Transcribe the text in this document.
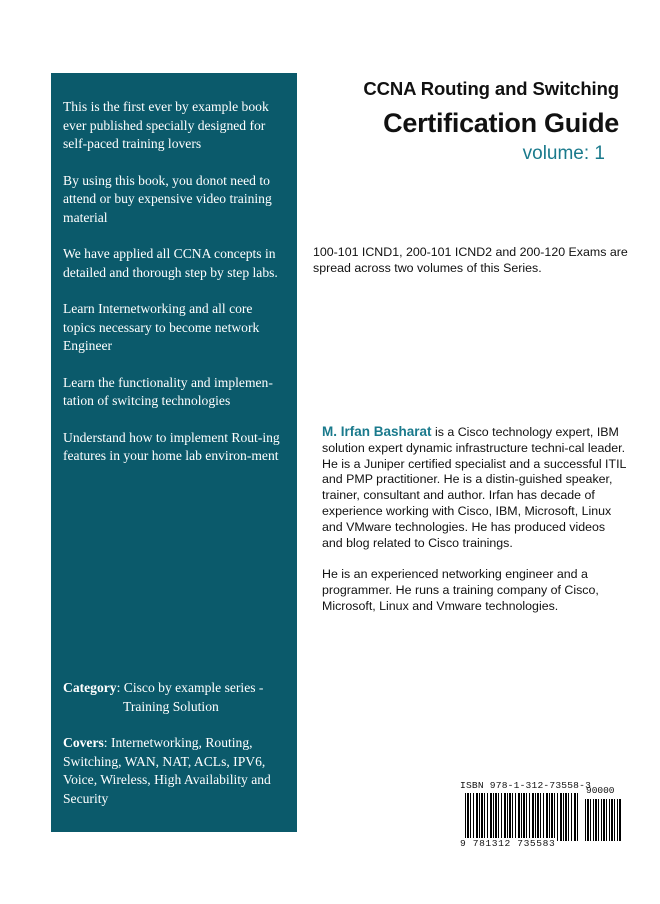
This is the first ever by example book ever published specially designed for self-paced training lovers

By using this book, you donot need to attend or buy expensive video training material

We have applied all CCNA concepts in detailed and thorough step by step labs.

Learn Internetworking and all core topics necessary to become network Engineer

Learn the functionality and implemen-tation of switcing technologies

Understand how to implement Rout-ing features in your home lab environ-ment

Category: Cisco by example series -
Training Solution

Covers: Internetworking, Routing, Switching, WAN, NAT, ACLs, IPV6, Voice, Wireless, High Availability and Security

CCNA Routing and Switching
Certification Guide
volume: 1
100-101 ICND1, 200-101 ICND2 and 200-120 Exams are spread across two volumes of this Series.

M. Irfan Basharat is a Cisco technology expert, IBM solution expert dynamic infrastructure techni-cal leader. He is a Juniper certified specialist and a successful ITIL and PMP practitioner. He is a distin-guished speaker, trainer, consultant and author. Irfan has decade of experience working with Cisco, IBM, Microsoft, Linux and VMware technologies. He has produced videos and blog related to Cisco trainings.

He is an experienced networking engineer and a programmer. He runs a training company of Cisco, Microsoft, Linux and Vmware technologies.

ISBN 978-1-312-73558-3
90000
9 781312 735583
